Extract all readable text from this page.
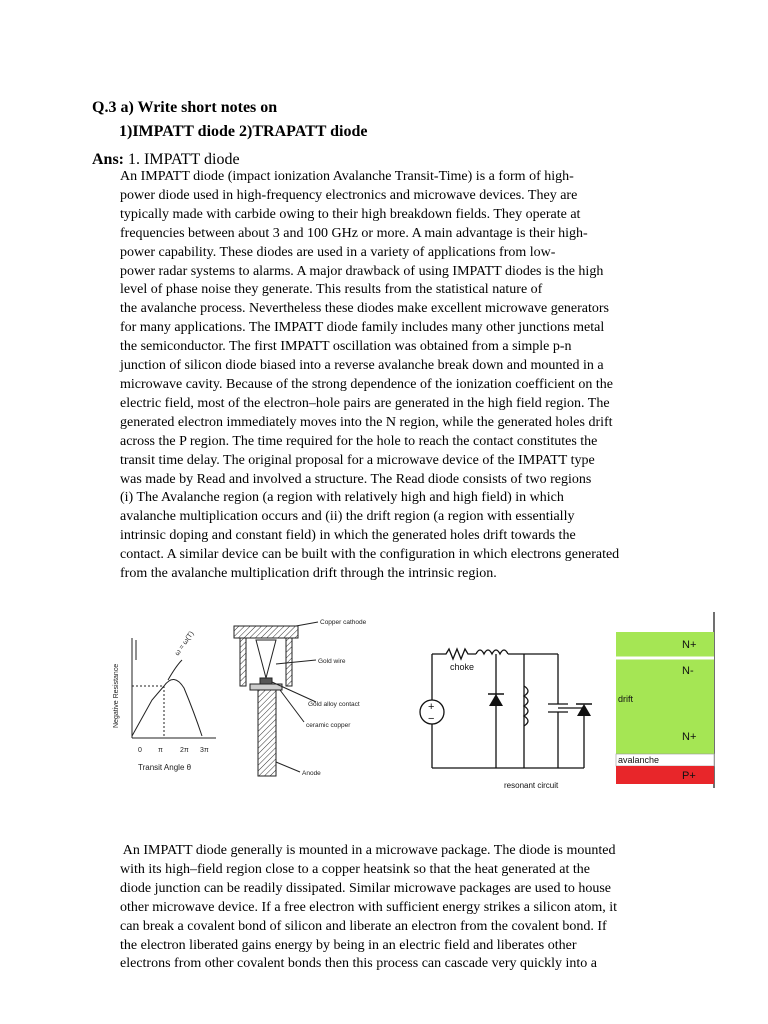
Q.3 a) Write short notes on
1)IMPATT diode 2)TRAPATT diode
Ans: 1. IMPATT diode
An IMPATT diode (impact ionization Avalanche Transit-Time) is a form of high-
power diode used in high-frequency electronics and microwave devices. They are
typically made with carbide owing to their high breakdown fields. They operate at
frequencies between about 3 and 100 GHz or more. A main advantage is their high-
power capability. These diodes are used in a variety of applications from low-
power radar systems to alarms. A major drawback of using IMPATT diodes is the high
level of phase noise they generate. This results from the statistical nature of
the avalanche process. Nevertheless these diodes make excellent microwave generators
for many applications. The IMPATT diode family includes many other junctions metal
the semiconductor. The first IMPATT oscillation was obtained from a simple p-n
junction of silicon diode biased into a reverse avalanche break down and mounted in a
microwave cavity. Because of the strong dependence of the ionization coefficient on the
electric field, most of the electron–hole pairs are generated in the high field region. The
generated electron immediately moves into the N region, while the generated holes drift
across the P region. The time required for the hole to reach the contact constitutes the
transit time delay. The original proposal for a microwave device of the IMPATT type
was made by Read and involved a structure. The Read diode consists of two regions
(i) The Avalanche region (a region with relatively high and high field) in which
avalanche multiplication occurs and (ii) the drift region (a region with essentially
intrinsic doping and constant field) in which the generated holes drift towards the
contact. A similar device can be built with the configuration in which electrons generated
from the avalanche multiplication drift through the intrinsic region.
Negative Resistance
ω = ω(T)
0 π 2π 3π
Transit Angle θ
Copper cathode
Gold wire
Gold alloy contact
ceramic copper
Anode
+
−
choke
resonant circuit
N+
N-
drift
N+
avalanche
P+
An IMPATT diode generally is mounted in a microwave package. The diode is mounted
with its high–field region close to a copper heatsink so that the heat generated at the
diode junction can be readily dissipated. Similar microwave packages are used to house
other microwave device. If a free electron with sufficient energy strikes a silicon atom, it
can break a covalent bond of silicon and liberate an electron from the covalent bond. If
the electron liberated gains energy by being in an electric field and liberates other
electrons from other covalent bonds then this process can cascade very quickly into a
